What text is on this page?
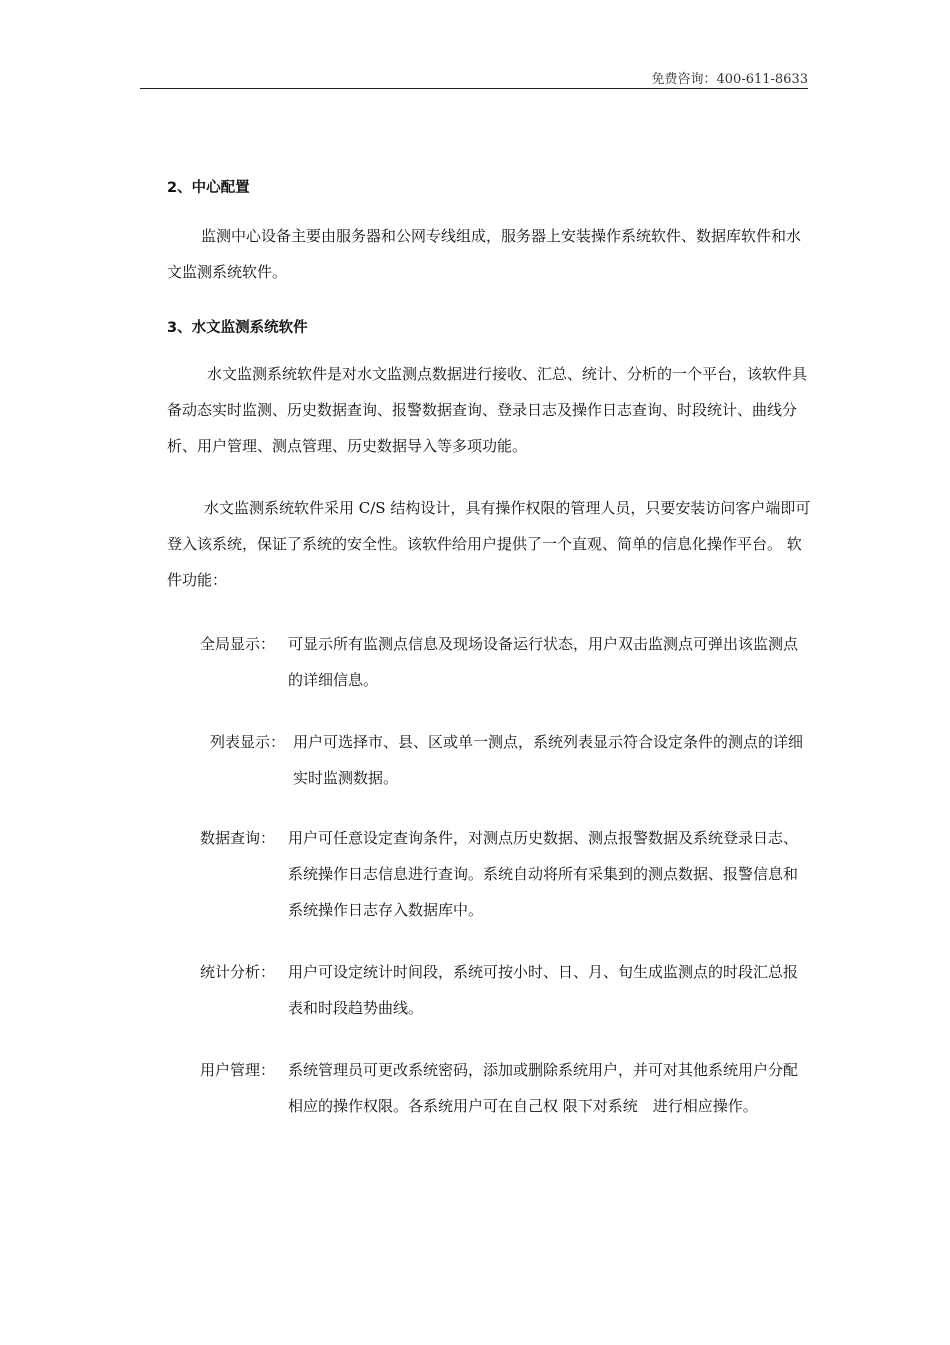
免费咨询：400-611-8633
2、中心配置

监测中心设备主要由服务器和公网专线组成，服务器上安装操作系统软件、数据库软件和水文监测系统软件。

3、水文监测系统软件

水文监测系统软件是对水文监测点数据进行接收、汇总、统计、分析的一个平台，该软件具备动态实时监测、历史数据查询、报警数据查询、登录日志及操作日志查询、时段统计、曲线分析、用户管理、测点管理、历史数据导入等多项功能。

水文监测系统软件采用 C/S 结构设计，具有操作权限的管理人员，只要安装访问客户端即可登入该系统，保证了系统的安全性。该软件给用户提供了一个直观、简单的信息化操作平台。 软件功能：

全局显示： 可显示所有监测点信息及现场设备运行状态，用户双击监测点可弹出该监测点的详细信息。
列表显示： 用户可选择市、县、区或单一测点，系统列表显示符合设定条件的测点的详细实时监测数据。
数据查询： 用户可任意设定查询条件，对测点历史数据、测点报警数据及系统登录日志、系统操作日志信息进行查询。系统自动将所有采集到的测点数据、报警信息和系统操作日志存入数据库中。
统计分析： 用户可设定统计时间段，系统可按小时、日、月、旬生成监测点的时段汇总报表和时段趋势曲线。
用户管理： 系统管理员可更改系统密码，添加或删除系统用户，并可对其他系统用户分配相应的操作权限。各系统用户可在自己权 限下对系统　进行相应操作。
